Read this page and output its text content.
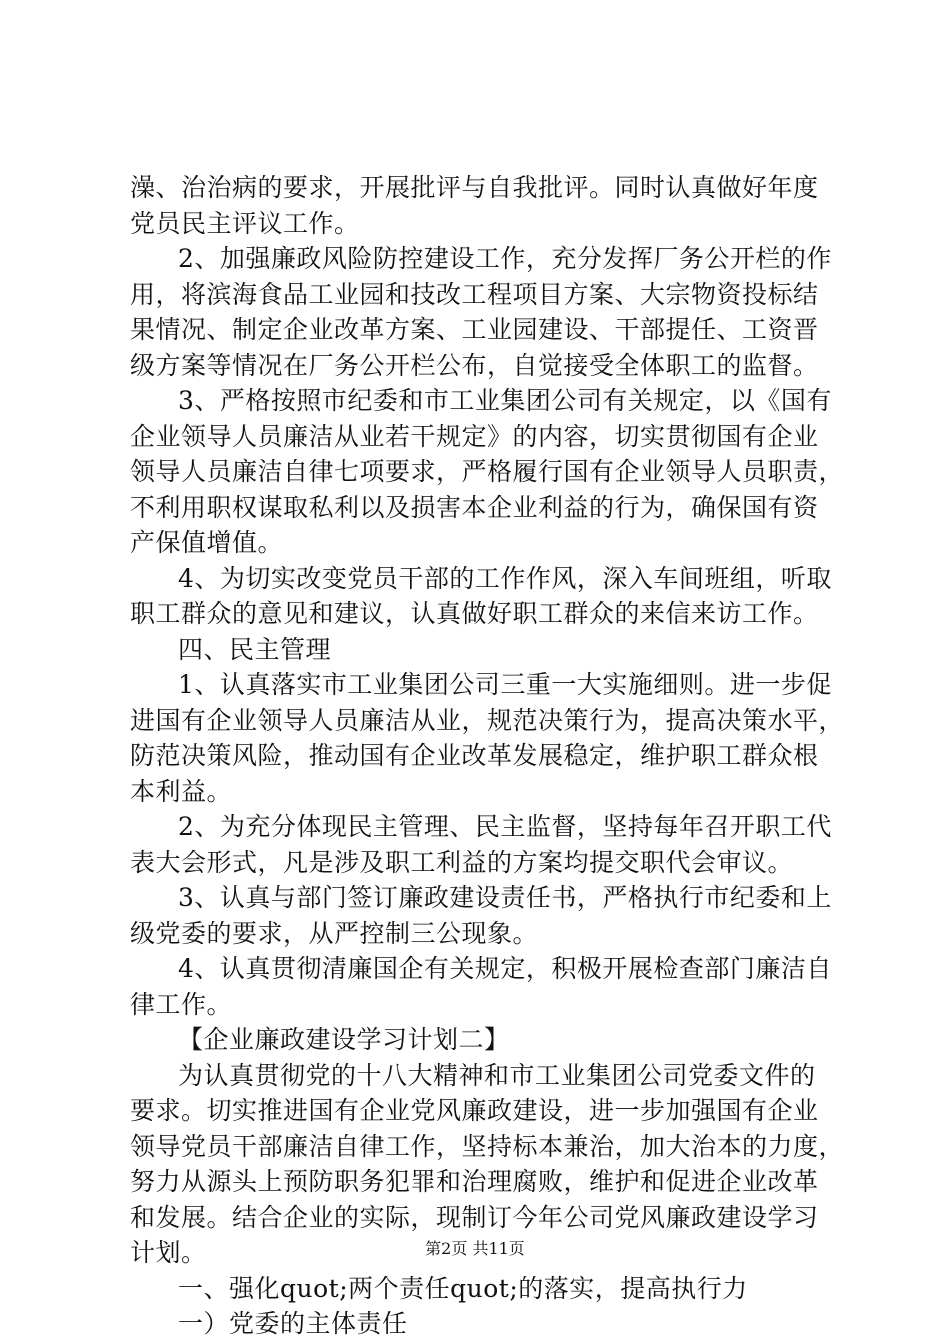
澡、治治病的要求，开展批评与自我批评。同时认真做好年度
党员民主评议工作。
2、加强廉政风险防控建设工作，充分发挥厂务公开栏的作
用，将滨海食品工业园和技改工程项目方案、大宗物资投标结
果情况、制定企业改革方案、工业园建设、干部提任、工资晋
级方案等情况在厂务公开栏公布，自觉接受全体职工的监督。
3、严格按照市纪委和市工业集团公司有关规定，以《国有
企业领导人员廉洁从业若干规定》的内容，切实贯彻国有企业
领导人员廉洁自律七项要求，严格履行国有企业领导人员职责，
不利用职权谋取私利以及损害本企业利益的行为，确保国有资
产保值增值。
4、为切实改变党员干部的工作作风，深入车间班组，听取
职工群众的意见和建议，认真做好职工群众的来信来访工作。
四、民主管理
1、认真落实市工业集团公司三重一大实施细则。进一步促
进国有企业领导人员廉洁从业，规范决策行为，提高决策水平，
防范决策风险，推动国有企业改革发展稳定，维护职工群众根
本利益。
2、为充分体现民主管理、民主监督，坚持每年召开职工代
表大会形式，凡是涉及职工利益的方案均提交职代会审议。
3、认真与部门签订廉政建设责任书，严格执行市纪委和上
级党委的要求，从严控制三公现象。
4、认真贯彻清廉国企有关规定，积极开展检查部门廉洁自
律工作。
【企业廉政建设学习计划二】
为认真贯彻党的十八大精神和市工业集团公司党委文件的
要求。切实推进国有企业党风廉政建设，进一步加强国有企业
领导党员干部廉洁自律工作，坚持标本兼治，加大治本的力度，
努力从源头上预防职务犯罪和治理腐败，维护和促进企业改革
和发展。结合企业的实际，现制订今年公司党风廉政建设学习
计划。
一、强化quot;两个责任quot;的落实，提高执行力
一）党委的主体责任
第2页 共11页
